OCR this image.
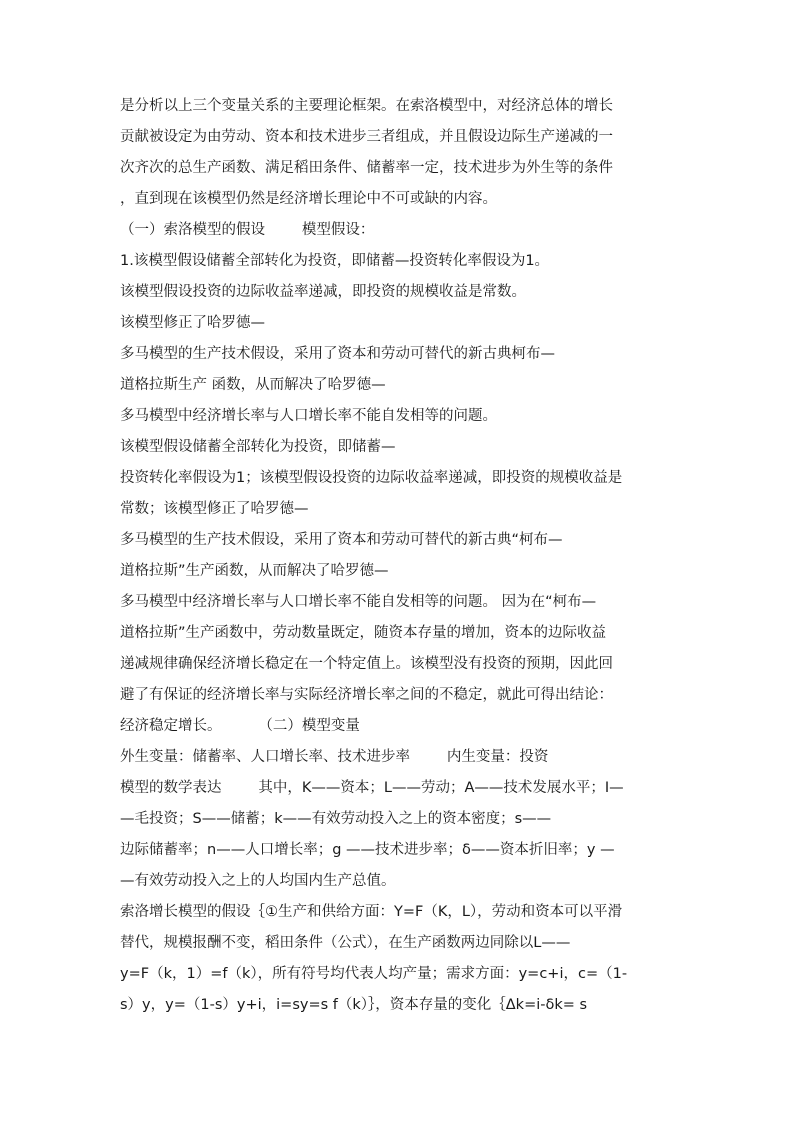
是分析以上三个变量关系的主要理论框架。在索洛模型中，对经济总体的增长
贡献被设定为由劳动、资本和技术进步三者组成，并且假设边际生产递减的一
次齐次的总生产函数、满足稻田条件、储蓄率一定，技术进步为外生等的条件
，直到现在该模型仍然是经济增长理论中不可或缺的内容。
（一）索洛模型的假设        模型假设：
1.该模型假设储蓄全部转化为投资，即储蓄—投资转化率假设为1。
该模型假设投资的边际收益率递减，即投资的规模收益是常数。
该模型修正了哈罗德—
多马模型的生产技术假设，采用了资本和劳动可替代的新古典柯布—
道格拉斯生产 函数，从而解决了哈罗德—
多马模型中经济增长率与人口增长率不能自发相等的问题。
该模型假设储蓄全部转化为投资，即储蓄—
投资转化率假设为1；该模型假设投资的边际收益率递减，即投资的规模收益是
常数；该模型修正了哈罗德—
多马模型的生产技术假设，采用了资本和劳动可替代的新古典“柯布—
道格拉斯”生产函数，从而解决了哈罗德—
多马模型中经济增长率与人口增长率不能自发相等的问题。 因为在“柯布—
道格拉斯”生产函数中，劳动数量既定，随资本存量的增加，资本的边际收益
递减规律确保经济增长稳定在一个特定值上。该模型没有投资的预期，因此回
避了有保证的经济增长率与实际经济增长率之间的不稳定，就此可得出结论：
经济稳定增长。        （二）模型变量
外生变量：储蓄率、人口增长率、技术进步率        内生变量：投资
模型的数学表达        其中，K——资本；L——劳动；A——技术发展水平；I—
—毛投资；S——储蓄；k——有效劳动投入之上的资本密度；s——
边际储蓄率；n——人口增长率；g ——技术进步率；δ——资本折旧率；y —
—有效劳动投入之上的人均国内生产总值。
索洛增长模型的假设｛①生产和供给方面：Y=F（K，L），劳动和资本可以平滑
替代，规模报酬不变，稻田条件（公式），在生产函数两边同除以L——
y=F（k，1）=f（k），所有符号均代表人均产量；需求方面：y=c+i，c=（1-
s）y，y=（1-s）y+i，i=sy=s f（k）｝，资本存量的变化｛Δk=i-δk= s
